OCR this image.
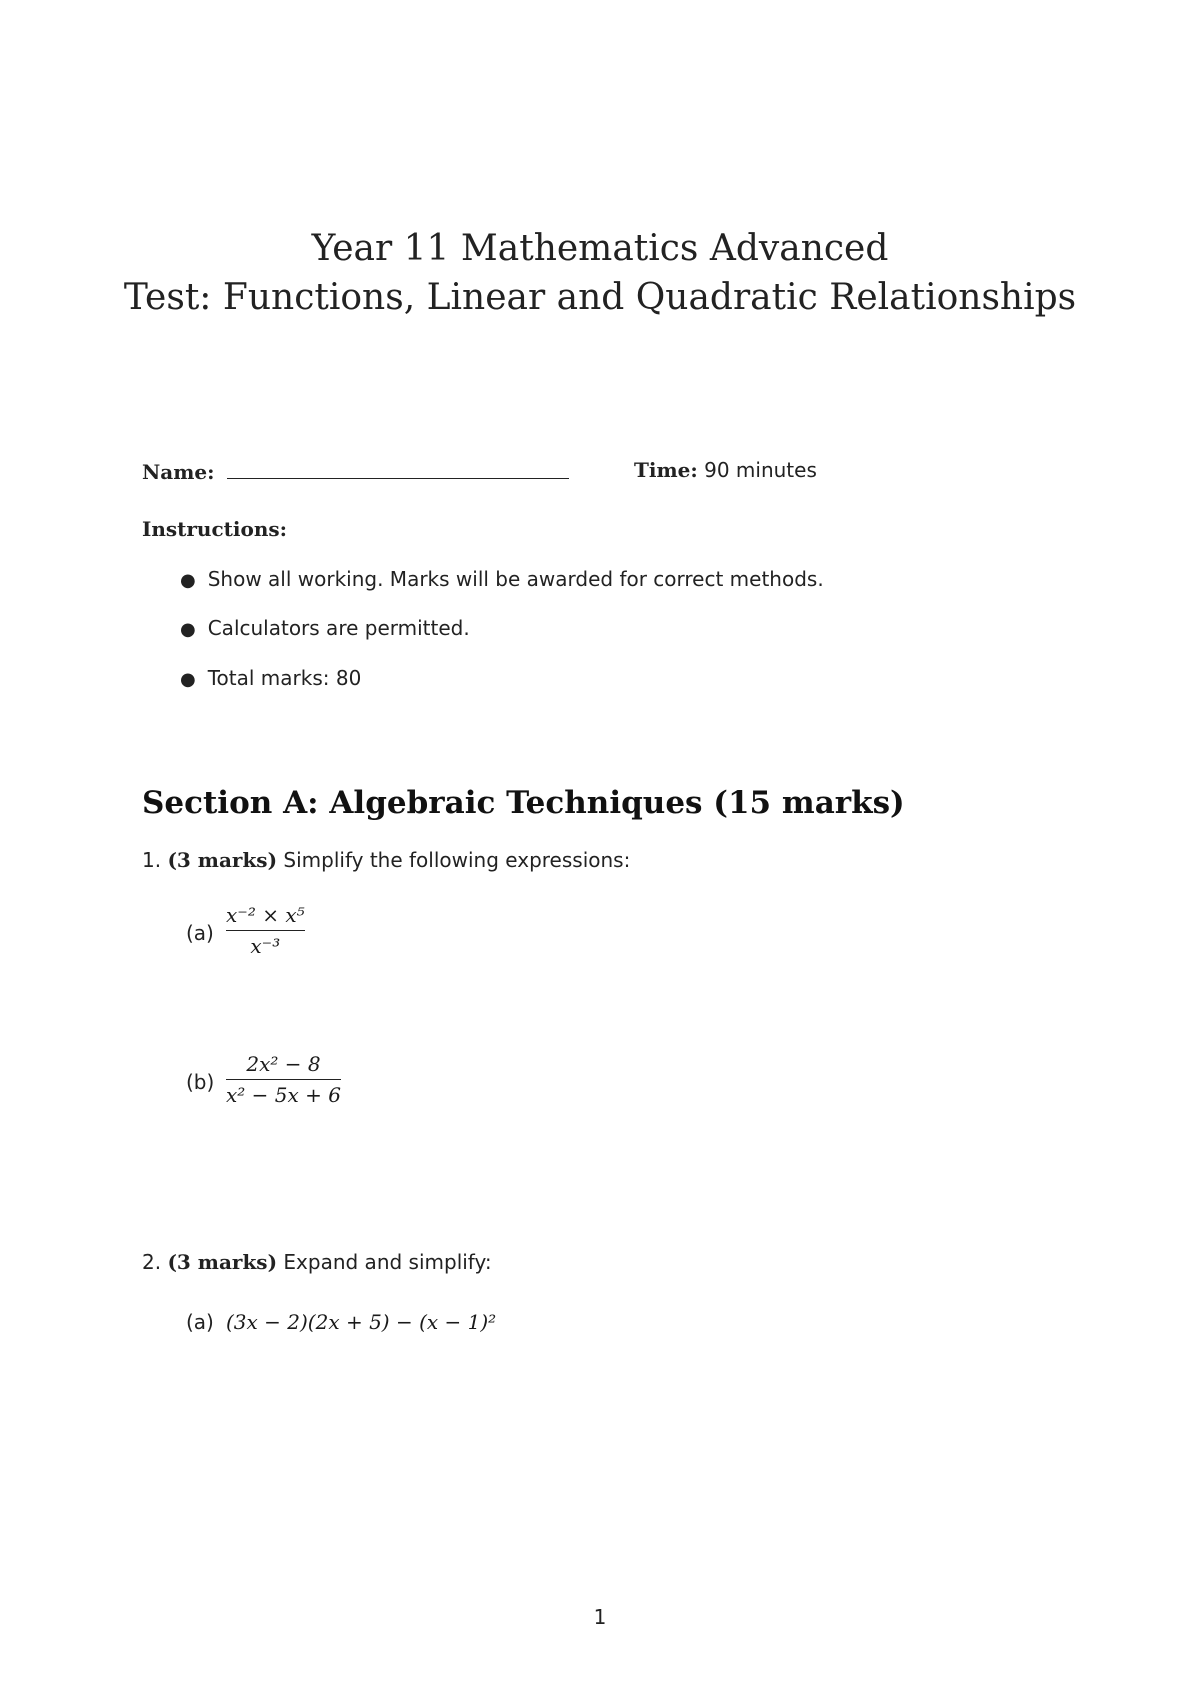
Year 11 Mathematics Advanced
Test: Functions, Linear and Quadratic Relationships
Name:	Time: 90 minutes
Instructions:
● Show all working. Marks will be awarded for correct methods.
● Calculators are permitted.
● Total marks: 80
Section A: Algebraic Techniques (15 marks)
1. (3 marks) Simplify the following expressions:
(a)
x⁻² × x⁵
x⁻³
(b)
2x² − 8
x² − 5x + 6
2. (3 marks) Expand and simplify:
(a) (3x − 2)(2x + 5) − (x − 1)²
1
